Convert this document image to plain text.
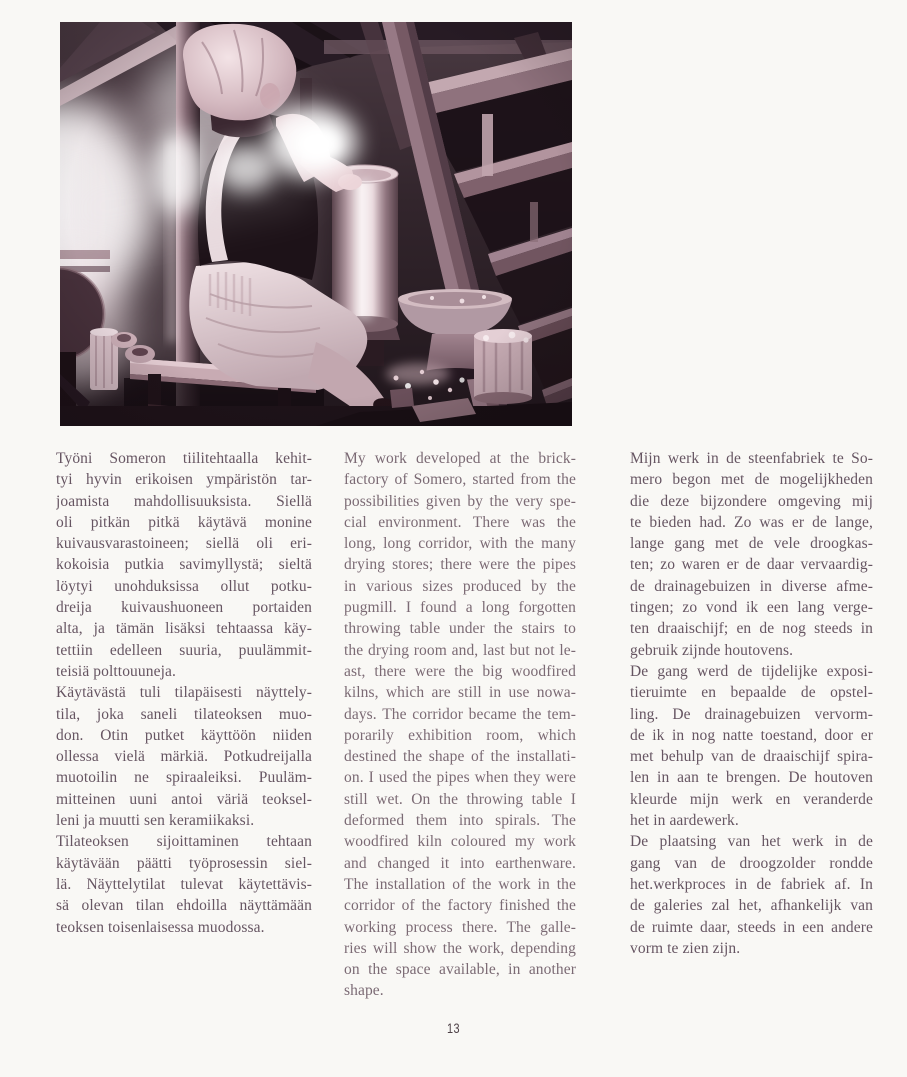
Työni Someron tiilitehtaalla kehit-
tyi hyvin erikoisen ympäristön tar-
joamista mahdollisuuksista. Siellä
oli pitkän pitkä käytävä monine
kuivausvarastoineen; siellä oli eri-
kokoisia putkia savimyllystä; sieltä
löytyi unohduksissa ollut potku-
dreija kuivaushuoneen portaiden
alta, ja tämän lisäksi tehtaassa käy-
tettiin edelleen suuria, puulämmit-
teisiä polttouuneja.
Käytävästä tuli tilapäisesti näyttely-
tila, joka saneli tilateoksen muo-
don. Otin putket käyttöön niiden
ollessa vielä märkiä. Potkudreijalla
muotoilin ne spiraaleiksi. Puuläm-
mitteinen uuni antoi väriä teoksel-
leni ja muutti sen keramiikaksi.
Tilateoksen sijoittaminen tehtaan
käytävään päätti työprosessin siel-
lä. Näyttelytilat tulevat käytettävis-
sä olevan tilan ehdoilla näyttämään
teoksen toisenlaisessa muodossa.
My work developed at the brick-
factory of Somero, started from the
possibilities given by the very spe-
cial environment. There was the
long, long corridor, with the many
drying stores; there were the pipes
in various sizes produced by the
pugmill. I found a long forgotten
throwing table under the stairs to
the drying room and, last but not le-
ast, there were the big woodfired
kilns, which are still in use nowa-
days. The corridor became the tem-
porarily exhibition room, which
destined the shape of the installati-
on. I used the pipes when they were
still wet. On the throwing table I
deformed them into spirals. The
woodfired kiln coloured my work
and changed it into earthenware.
The installation of the work in the
corridor of the factory finished the
working process there. The galle-
ries will show the work, depending
on the space available, in another
shape.
Mijn werk in de steenfabriek te So-
mero begon met de mogelijkheden
die deze bijzondere omgeving mij
te bieden had. Zo was er de lange,
lange gang met de vele droogkas-
ten; zo waren er de daar vervaardig-
de drainagebuizen in diverse afme-
tingen; zo vond ik een lang verge-
ten draaischijf; en de nog steeds in
gebruik zijnde houtovens.
De gang werd de tijdelijke exposi-
tieruimte en bepaalde de opstel-
ling. De drainagebuizen vervorm-
de ik in nog natte toestand, door er
met behulp van de draaischijf spira-
len in aan te brengen. De houtoven
kleurde mijn werk en veranderde
het in aardewerk.
De plaatsing van het werk in de
gang van de droogzolder rondde
het.werkproces in de fabriek af. In
de galeries zal het, afhankelijk van
de ruimte daar, steeds in een andere
vorm te zien zijn.
13
